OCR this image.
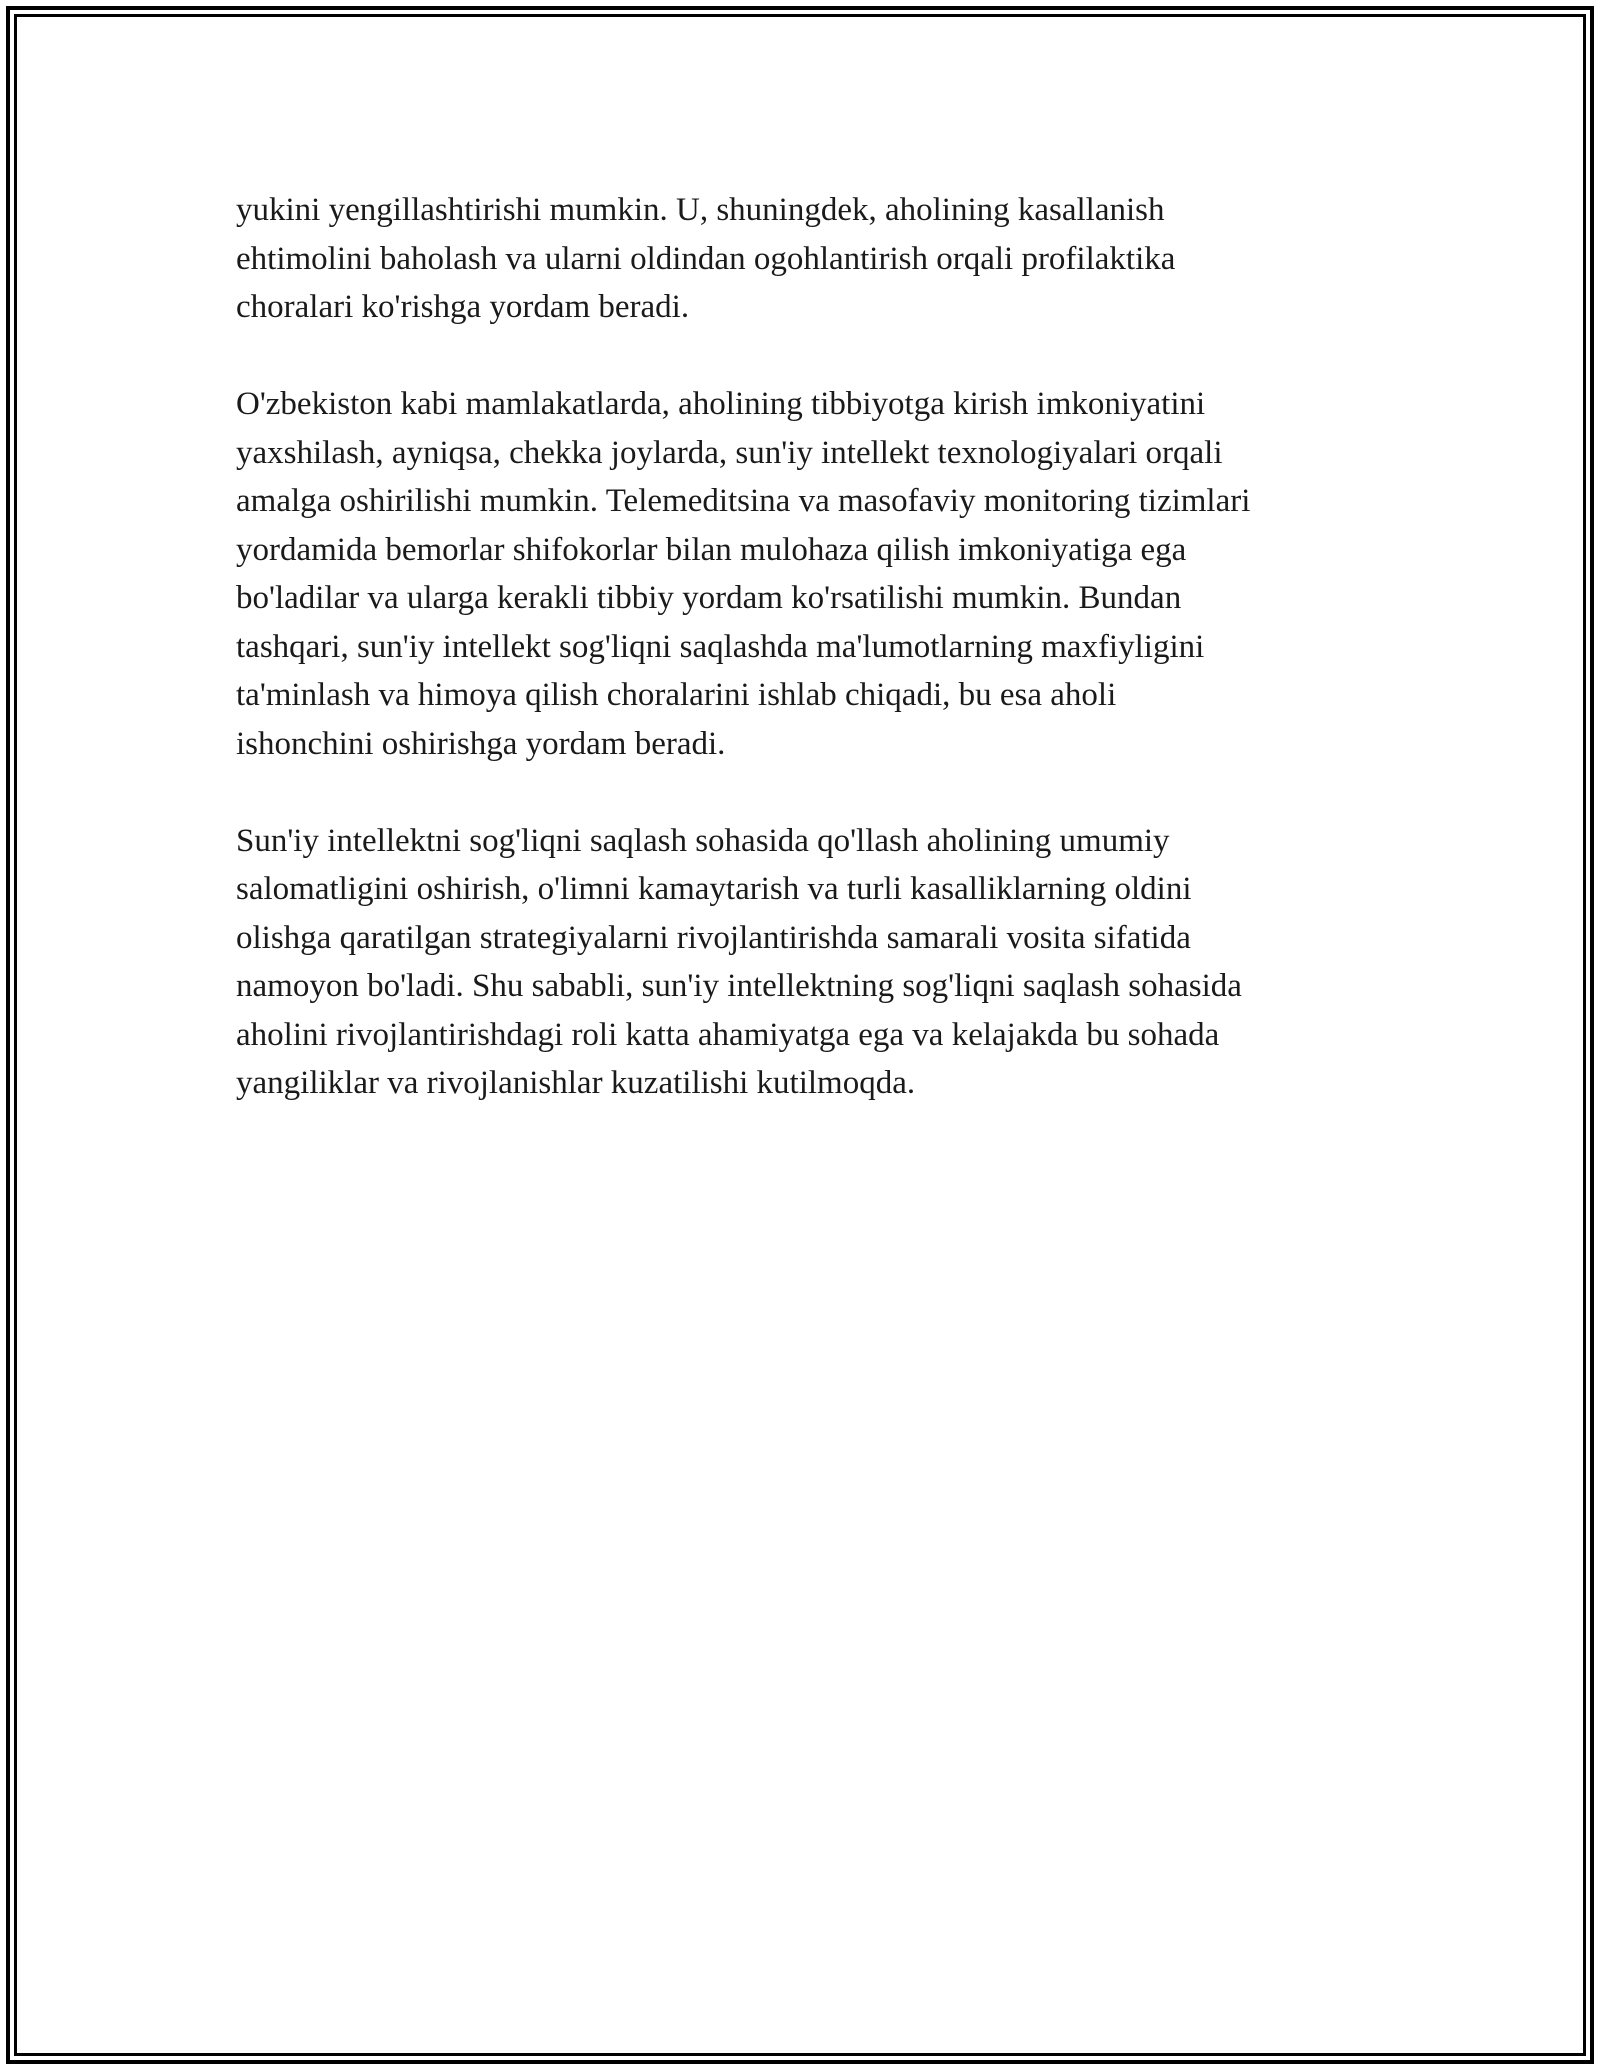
yukini yengillashtirishi mumkin. U, shuningdek, aholining kasallanish
ehtimolini baholash va ularni oldindan ogohlantirish orqali profilaktika
choralari ko'rishga yordam beradi.

O'zbekiston kabi mamlakatlarda, aholining tibbiyotga kirish imkoniyatini
yaxshilash, ayniqsa, chekka joylarda, sun'iy intellekt texnologiyalari orqali
amalga oshirilishi mumkin. Telemeditsina va masofaviy monitoring tizimlari
yordamida bemorlar shifokorlar bilan mulohaza qilish imkoniyatiga ega
bo'ladilar va ularga kerakli tibbiy yordam ko'rsatilishi mumkin. Bundan
tashqari, sun'iy intellekt sog'liqni saqlashda ma'lumotlarning maxfiyligini
ta'minlash va himoya qilish choralarini ishlab chiqadi, bu esa aholi
ishonchini oshirishga yordam beradi.

Sun'iy intellektni sog'liqni saqlash sohasida qo'llash aholining umumiy
salomatligini oshirish, o'limni kamaytarish va turli kasalliklarning oldini
olishga qaratilgan strategiyalarni rivojlantirishda samarali vosita sifatida
namoyon bo'ladi. Shu sababli, sun'iy intellektning sog'liqni saqlash sohasida
aholini rivojlantirishdagi roli katta ahamiyatga ega va kelajakda bu sohada
yangiliklar va rivojlanishlar kuzatilishi kutilmoqda.
